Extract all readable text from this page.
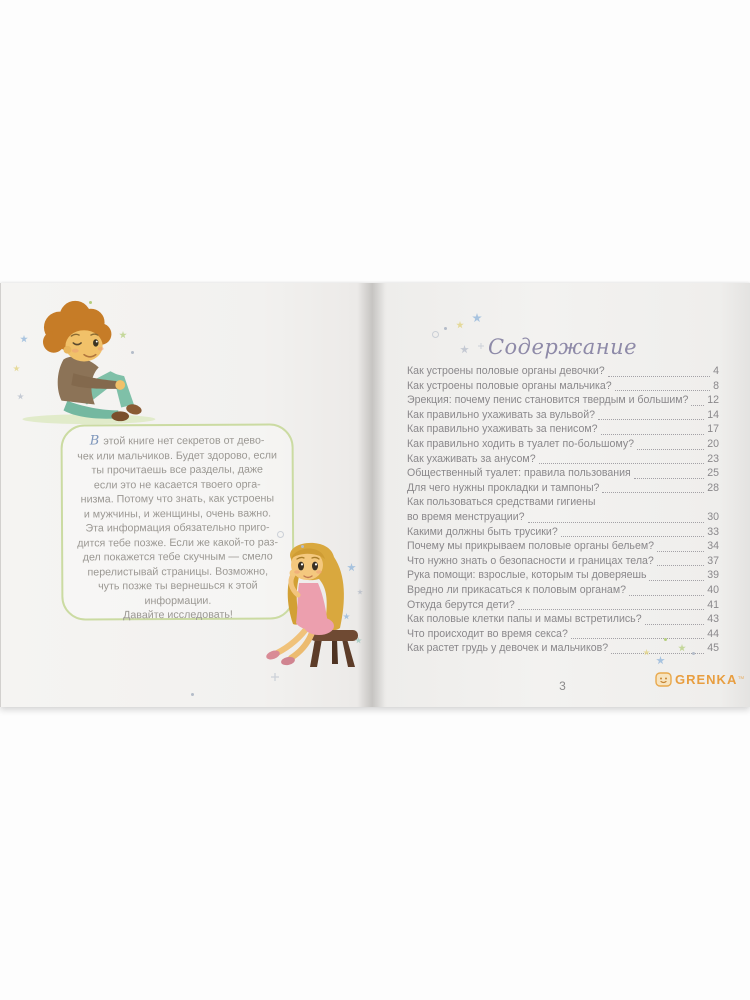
В этой книге нет секретов от дево-
чек или мальчиков. Будет здорово, если
ты прочитаешь все разделы, даже
если это не касается твоего орга-
низма. Потому что знать, как устроены
и мужчины, и женщины, очень важно.
Эта информация обязательно приго-
дится тебе позже. Если же какой-то раз-
дел покажется тебе скучным — смело
перелистывай страницы. Возможно,
чуть позже ты вернешься к этой
информации.
Давайте исследовать!
Содержание
Как устроены половые органы девочки?	4
Как устроены половые органы мальчика?	8
Эрекция: почему пенис становится твердым и большим? 12
Как правильно ухаживать за вульвой?	14
Как правильно ухаживать за пенисом?	17
Как правильно ходить в туалет по-большому?	20
Как ухаживать за анусом?	23
Общественный туалет: правила пользования	25
Для чего нужны прокладки и тампоны?	28
Как пользоваться средствами гигиены
во время менструации?	30
Какими должны быть трусики?	33
Почему мы прикрываем половые органы бельем?	34
Что нужно знать о безопасности и границах тела?	37
Рука помощи: взрослые, которым ты доверяешь	39
Вредно ли прикасаться к половым органам?	40
Откуда берутся дети?	41
Как половые клетки папы и мамы встретились?	43
Что происходит во время секса?	44
Как растет грудь у девочек и мальчиков?	45
3	GRENKA ™
